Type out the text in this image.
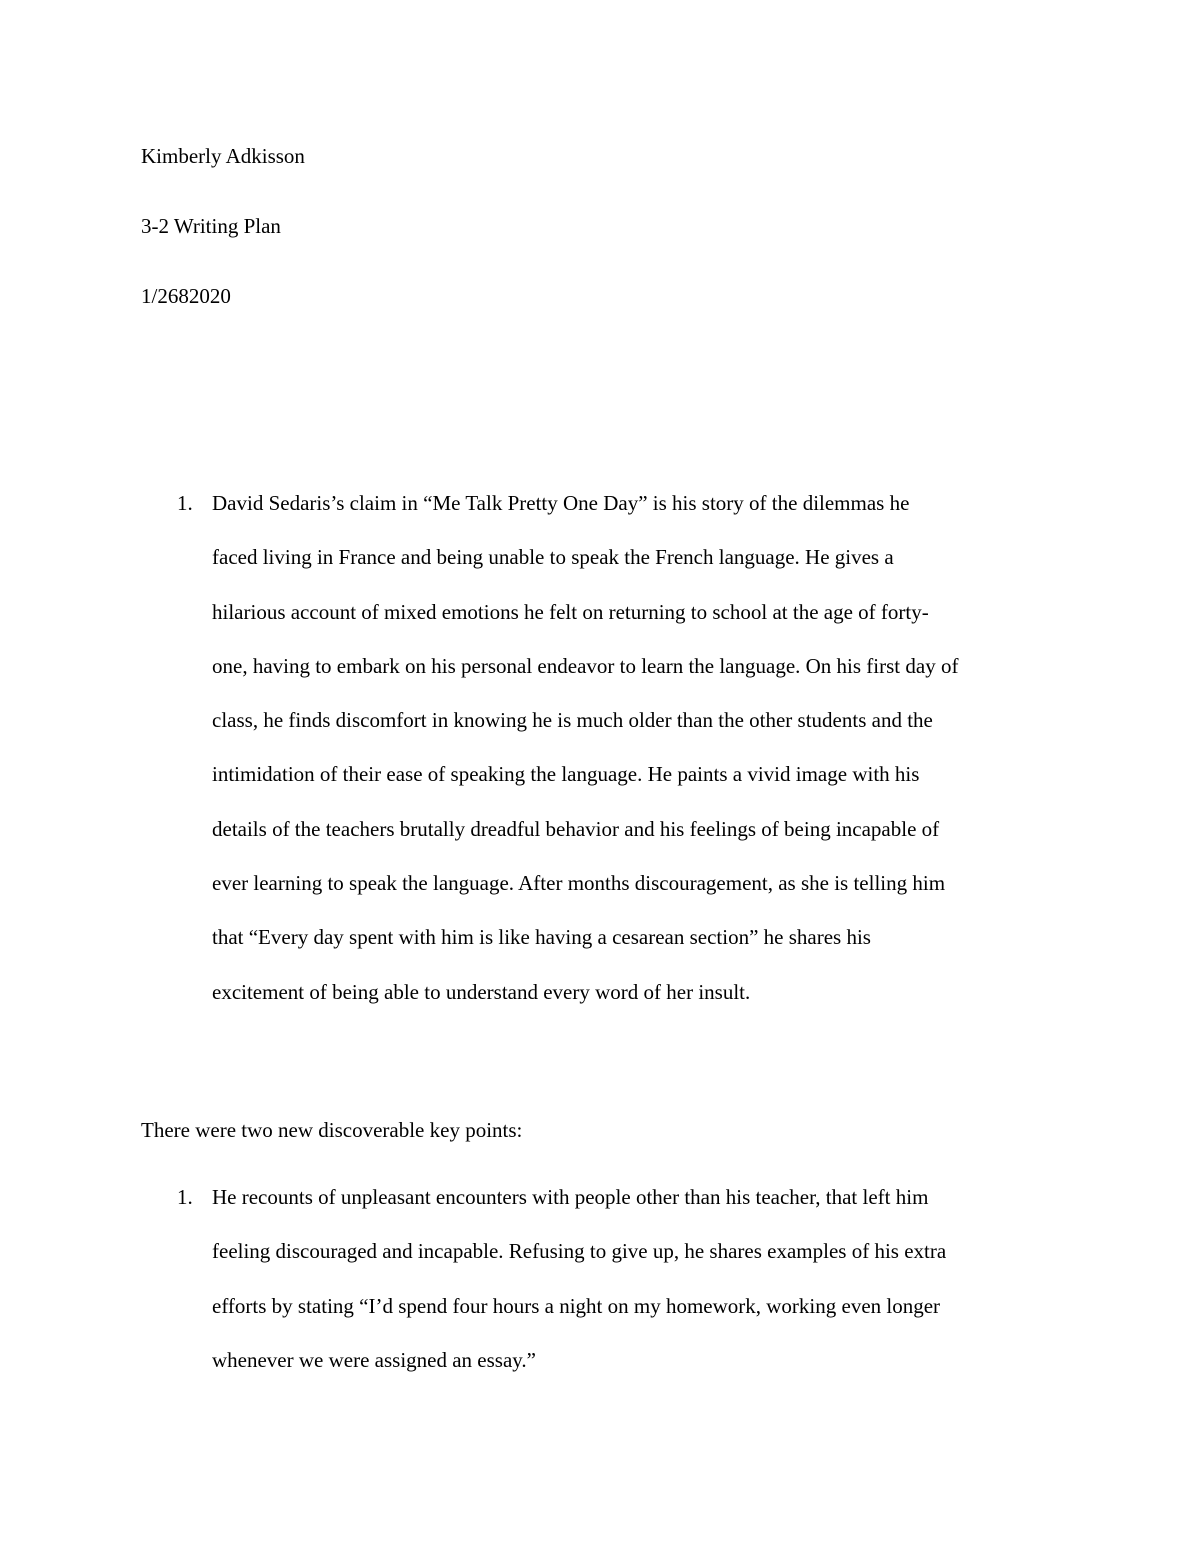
Kimberly Adkisson

3-2 Writing Plan

1/2682020

1. David Sedaris’s claim in “Me Talk Pretty One Day” is his story of the dilemmas he
faced living in France and being unable to speak the French language. He gives a
hilarious account of mixed emotions he felt on returning to school at the age of forty-
one, having to embark on his personal endeavor to learn the language. On his first day of
class, he finds discomfort in knowing he is much older than the other students and the
intimidation of their ease of speaking the language. He paints a vivid image with his
details of the teachers brutally dreadful behavior and his feelings of being incapable of
ever learning to speak the language. After months discouragement, as she is telling him
that “Every day spent with him is like having a cesarean section” he shares his
excitement of being able to understand every word of her insult.

There were two new discoverable key points:

1. He recounts of unpleasant encounters with people other than his teacher, that left him
feeling discouraged and incapable. Refusing to give up, he shares examples of his extra
efforts by stating “I’d spend four hours a night on my homework, working even longer
whenever we were assigned an essay.”
